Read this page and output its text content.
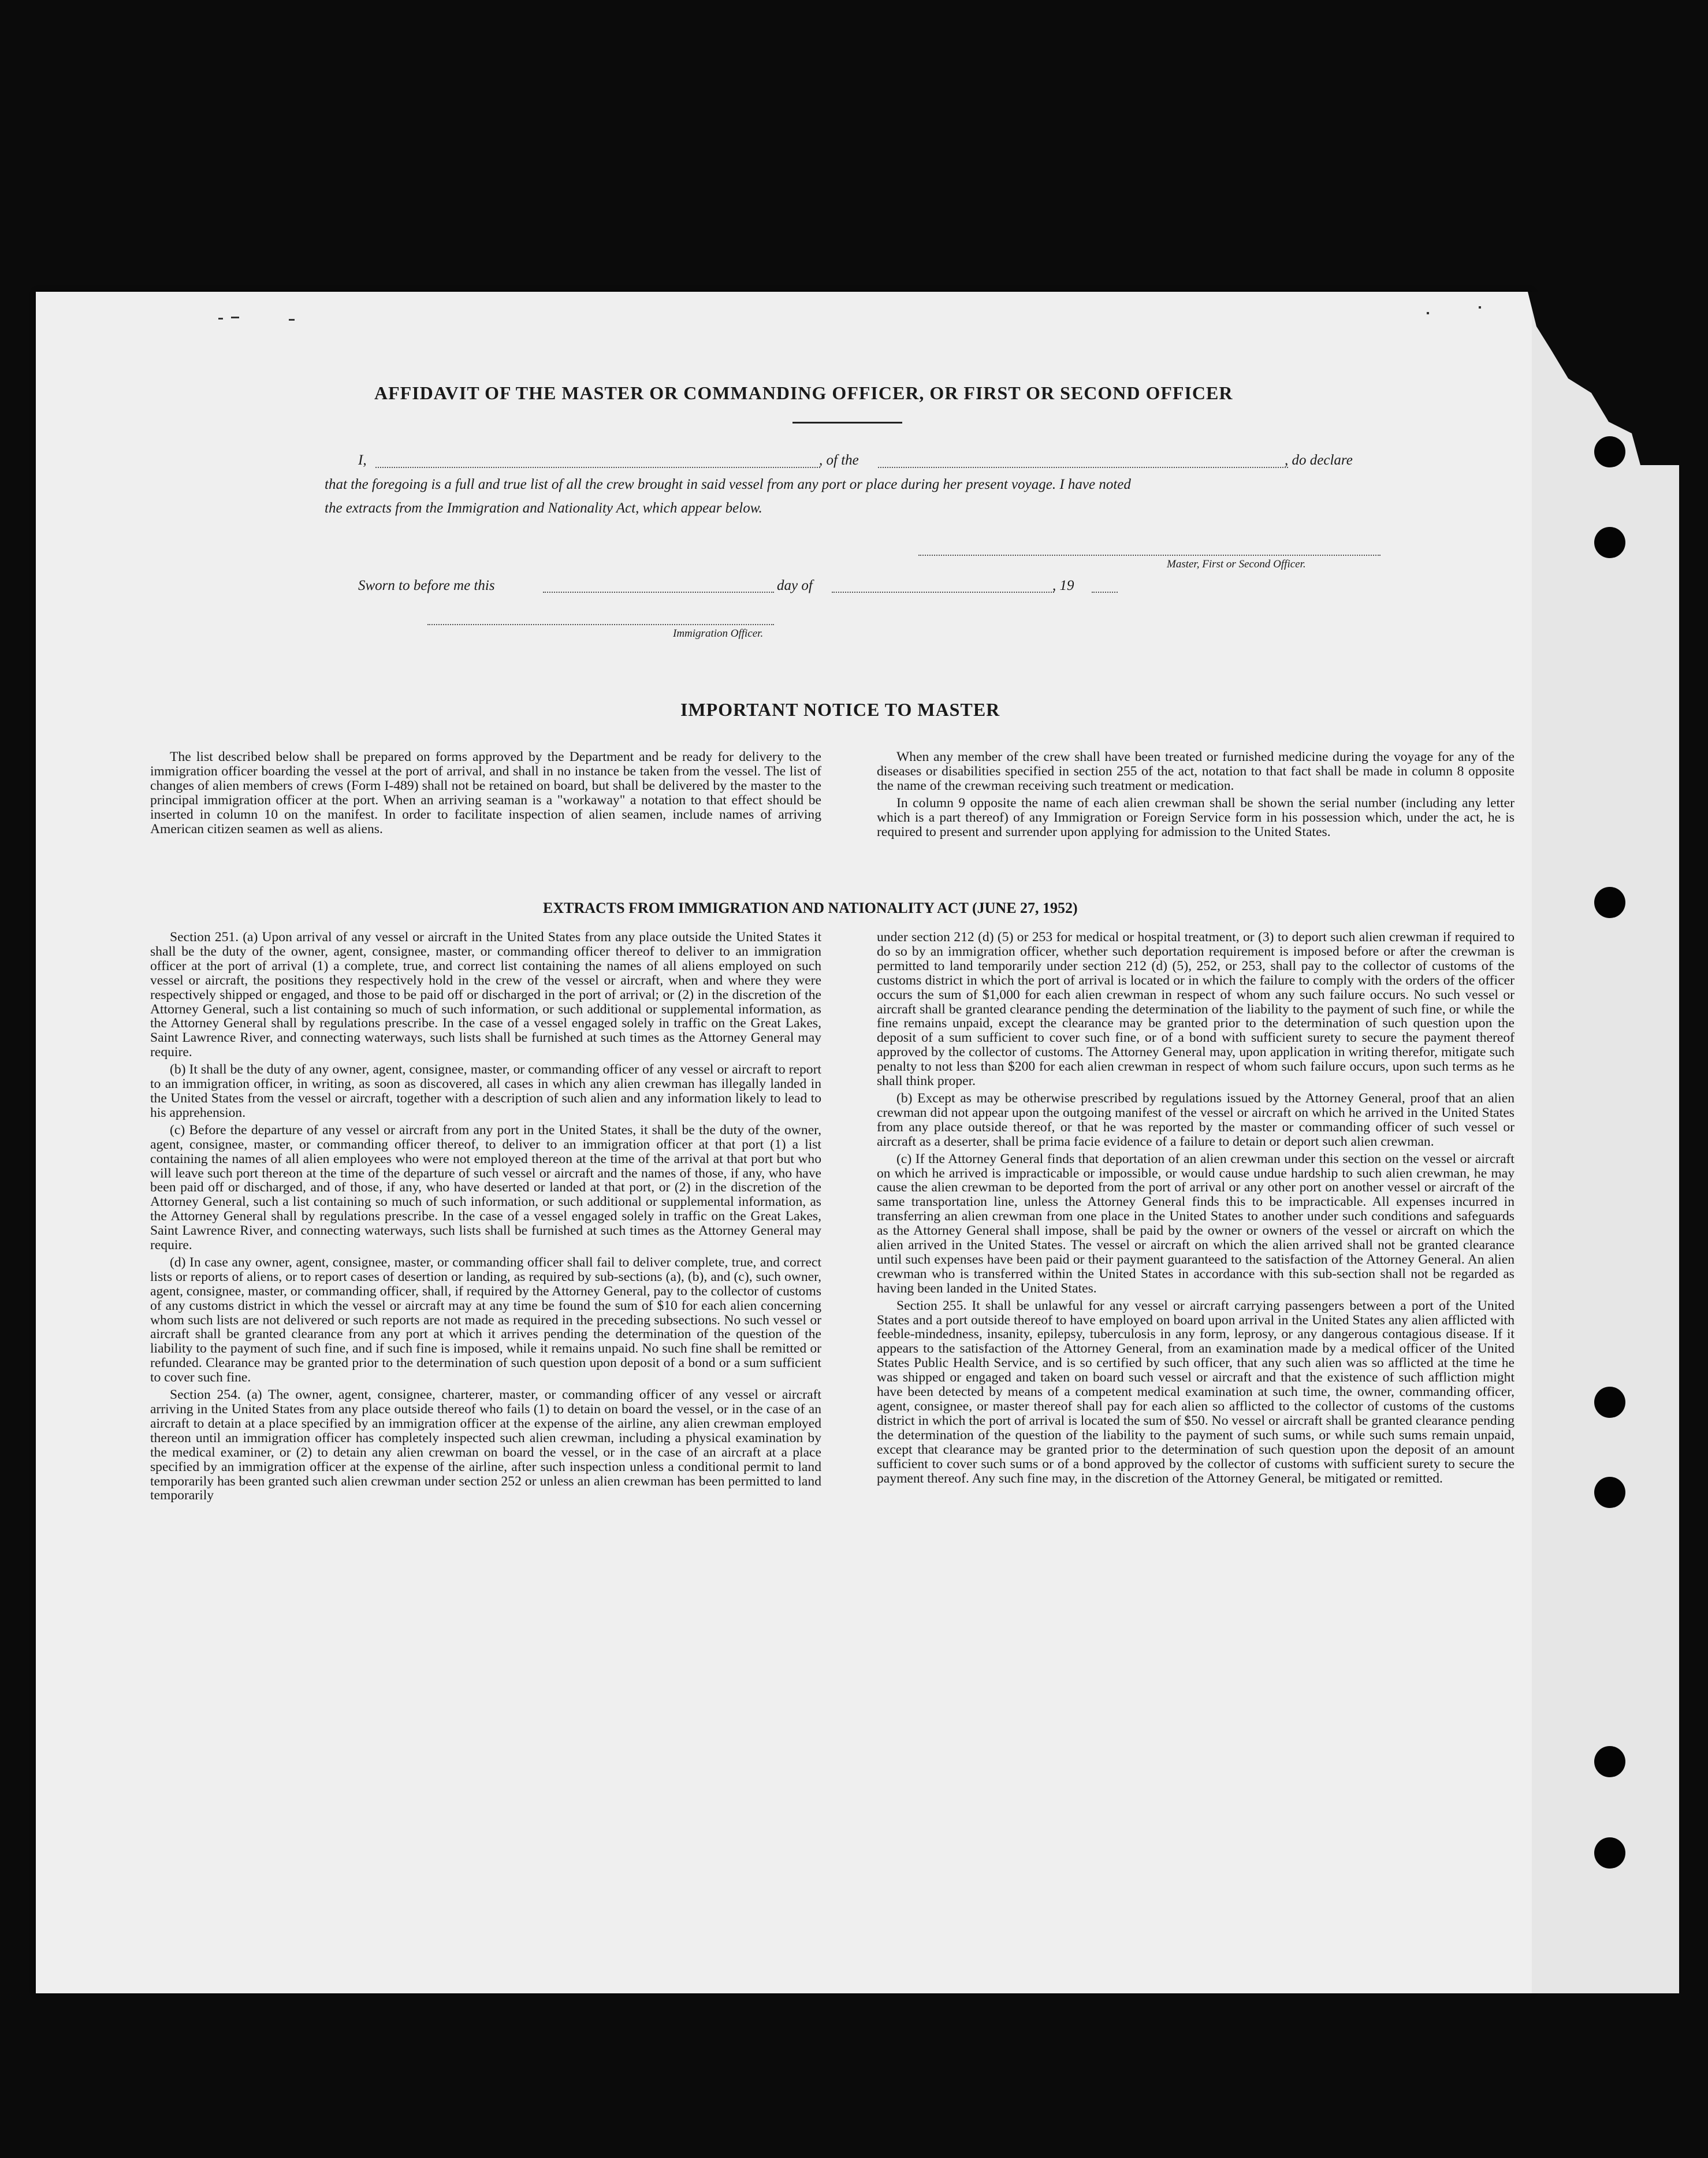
AFFIDAVIT OF THE MASTER OR COMMANDING OFFICER, OR FIRST OR SECOND OFFICER
I,	, of the	, do declare
that the foregoing is a full and true list of all the crew brought in said vessel from any port or place during her present voyage. I have noted
the extracts from the Immigration and Nationality Act, which appear below.
Master, First or Second Officer.
Sworn to before me this	day of	, 19
Immigration Officer.
IMPORTANT NOTICE TO MASTER

The list described below shall be prepared on forms approved by the Department and be ready for delivery to the immigration officer boarding the vessel at the port of arrival, and shall in no instance be taken from the vessel. The list of changes of alien members of crews (Form I-489) shall not be retained on board, but shall be delivered by the master to the principal immigration officer at the port. When an arriving seaman is a "workaway" a notation to that effect should be inserted in column 10 on the manifest. In order to facilitate inspection of alien seamen, include names of arriving American citizen seamen as well as aliens.

When any member of the crew shall have been treated or furnished medicine during the voyage for any of the diseases or disabilities specified in section 255 of the act, notation to that fact shall be made in column 8 opposite the name of the crewman receiving such treatment or medication.

In column 9 opposite the name of each alien crewman shall be shown the serial number (including any letter which is a part thereof) of any Immigration or Foreign Service form in his possession which, under the act, he is required to present and surrender upon applying for admission to the United States.

EXTRACTS FROM IMMIGRATION AND NATIONALITY ACT (JUNE 27, 1952)

Section 251. (a) Upon arrival of any vessel or aircraft in the United States from any place outside the United States it shall be the duty of the owner, agent, consignee, master, or commanding officer thereof to deliver to an immigration officer at the port of arrival (1) a complete, true, and correct list containing the names of all aliens employed on such vessel or aircraft, the positions they respectively hold in the crew of the vessel or aircraft, when and where they were respectively shipped or engaged, and those to be paid off or discharged in the port of arrival; or (2) in the discretion of the Attorney General, such a list containing so much of such information, or such additional or supplemental information, as the Attorney General shall by regulations prescribe. In the case of a vessel engaged solely in traffic on the Great Lakes, Saint Lawrence River, and connecting waterways, such lists shall be furnished at such times as the Attorney General may require.

(b) It shall be the duty of any owner, agent, consignee, master, or commanding officer of any vessel or aircraft to report to an immigration officer, in writing, as soon as discovered, all cases in which any alien crewman has illegally landed in the United States from the vessel or aircraft, together with a description of such alien and any information likely to lead to his apprehension.

(c) Before the departure of any vessel or aircraft from any port in the United States, it shall be the duty of the owner, agent, consignee, master, or commanding officer thereof, to deliver to an immigration officer at that port (1) a list containing the names of all alien employees who were not employed thereon at the time of the arrival at that port but who will leave such port thereon at the time of the departure of such vessel or aircraft and the names of those, if any, who have been paid off or discharged, and of those, if any, who have deserted or landed at that port, or (2) in the discretion of the Attorney General, such a list containing so much of such information, or such additional or supplemental information, as the Attorney General shall by regulations prescribe. In the case of a vessel engaged solely in traffic on the Great Lakes, Saint Lawrence River, and connecting waterways, such lists shall be furnished at such times as the Attorney General may require.

(d) In case any owner, agent, consignee, master, or commanding officer shall fail to deliver complete, true, and correct lists or reports of aliens, or to report cases of desertion or landing, as required by sub-sections (a), (b), and (c), such owner, agent, consignee, master, or commanding officer, shall, if required by the Attorney General, pay to the collector of customs of any customs district in which the vessel or aircraft may at any time be found the sum of $10 for each alien concerning whom such lists are not delivered or such reports are not made as required in the preceding subsections. No such vessel or aircraft shall be granted clearance from any port at which it arrives pending the determination of the question of the liability to the payment of such fine, and if such fine is imposed, while it remains unpaid. No such fine shall be remitted or refunded. Clearance may be granted prior to the determination of such question upon deposit of a bond or a sum sufficient to cover such fine.

Section 254. (a) The owner, agent, consignee, charterer, master, or commanding officer of any vessel or aircraft arriving in the United States from any place outside thereof who fails (1) to detain on board the vessel, or in the case of an aircraft to detain at a place specified by an immigration officer at the expense of the airline, any alien crewman employed thereon until an immigration officer has completely inspected such alien crewman, including a physical examination by the medical examiner, or (2) to detain any alien crewman on board the vessel, or in the case of an aircraft at a place specified by an immigration officer at the expense of the airline, after such inspection unless a conditional permit to land temporarily has been granted such alien crewman under section 252 or unless an alien crewman has been permitted to land temporarily

under section 212 (d) (5) or 253 for medical or hospital treatment, or (3) to deport such alien crewman if required to do so by an immigration officer, whether such deportation requirement is imposed before or after the crewman is permitted to land temporarily under section 212 (d) (5), 252, or 253, shall pay to the collector of customs of the customs district in which the port of arrival is located or in which the failure to comply with the orders of the officer occurs the sum of $1,000 for each alien crewman in respect of whom any such failure occurs. No such vessel or aircraft shall be granted clearance pending the determination of the liability to the payment of such fine, or while the fine remains unpaid, except the clearance may be granted prior to the determination of such question upon the deposit of a sum sufficient to cover such fine, or of a bond with sufficient surety to secure the payment thereof approved by the collector of customs. The Attorney General may, upon application in writing therefor, mitigate such penalty to not less than $200 for each alien crewman in respect of whom such failure occurs, upon such terms as he shall think proper.

(b) Except as may be otherwise prescribed by regulations issued by the Attorney General, proof that an alien crewman did not appear upon the outgoing manifest of the vessel or aircraft on which he arrived in the United States from any place outside thereof, or that he was reported by the master or commanding officer of such vessel or aircraft as a deserter, shall be prima facie evidence of a failure to detain or deport such alien crewman.

(c) If the Attorney General finds that deportation of an alien crewman under this section on the vessel or aircraft on which he arrived is impracticable or impossible, or would cause undue hardship to such alien crewman, he may cause the alien crewman to be deported from the port of arrival or any other port on another vessel or aircraft of the same transportation line, unless the Attorney General finds this to be impracticable. All expenses incurred in transferring an alien crewman from one place in the United States to another under such conditions and safeguards as the Attorney General shall impose, shall be paid by the owner or owners of the vessel or aircraft on which the alien arrived in the United States. The vessel or aircraft on which the alien arrived shall not be granted clearance until such expenses have been paid or their payment guaranteed to the satisfaction of the Attorney General. An alien crewman who is transferred within the United States in accordance with this sub-section shall not be regarded as having been landed in the United States.

Section 255. It shall be unlawful for any vessel or aircraft carrying passengers between a port of the United States and a port outside thereof to have employed on board upon arrival in the United States any alien afflicted with feeble-mindedness, insanity, epilepsy, tuberculosis in any form, leprosy, or any dangerous contagious disease. If it appears to the satisfaction of the Attorney General, from an examination made by a medical officer of the United States Public Health Service, and is so certified by such officer, that any such alien was so afflicted at the time he was shipped or engaged and taken on board such vessel or aircraft and that the existence of such affliction might have been detected by means of a competent medical examination at such time, the owner, commanding officer, agent, consignee, or master thereof shall pay for each alien so afflicted to the collector of customs of the customs district in which the port of arrival is located the sum of $50. No vessel or aircraft shall be granted clearance pending the determination of the question of the liability to the payment of such sums, or while such sums remain unpaid, except that clearance may be granted prior to the determination of such question upon the deposit of an amount sufficient to cover such sums or of a bond approved by the collector of customs with sufficient surety to secure the payment thereof. Any such fine may, in the discretion of the Attorney General, be mitigated or remitted.
